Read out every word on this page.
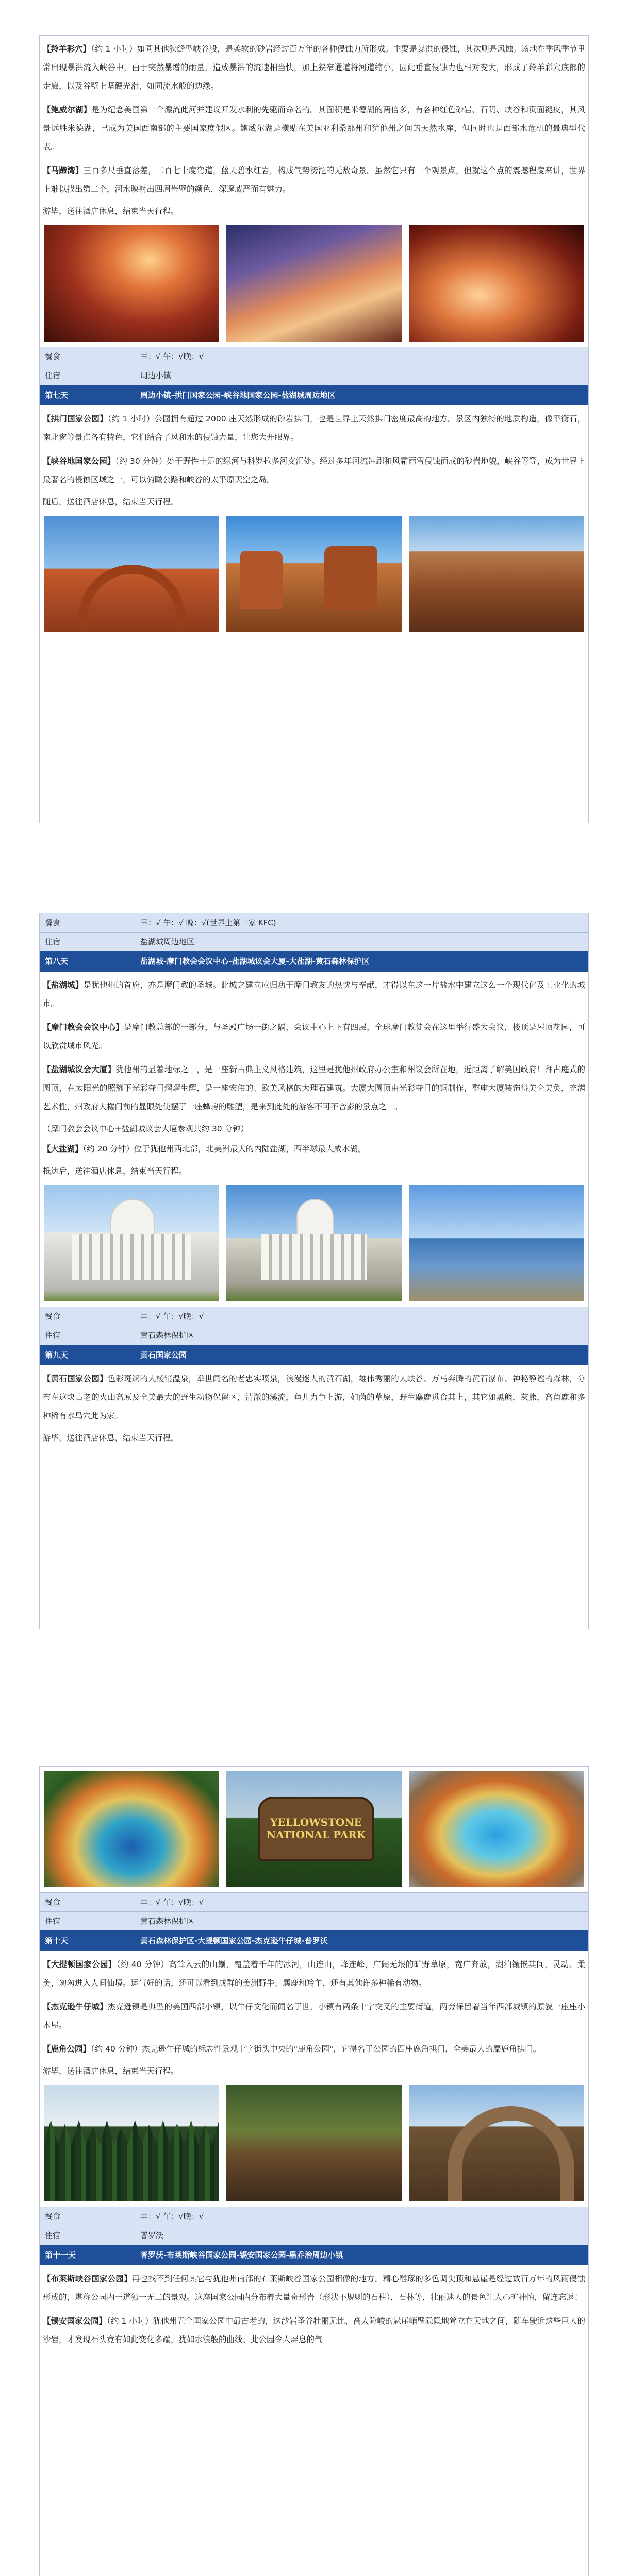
【羚羊彩穴】（约 1 小时）如同其他狭缝型峡谷般，是柔软的砂岩经过百万年的各种侵蚀力所形成。主要是暴洪的侵蚀，其次则是风蚀。该地在季风季节里常出现暴洪流入峡谷中，由于突然暴增的雨量，造成暴洪的流速相当快，加上狭窄通道将河道缩小，因此垂直侵蚀力也相对变大，形成了羚羊彩穴底部的走廊，以及谷壁上坚硬光滑、如同流水般的边缘。

【鲍威尔湖】是为纪念美国第一个漂流此河并建议开发水利的先驱而命名的。其面积是米德湖的两倍多，有各种红色砂岩、石阴、峡谷和页面褪皮，其风景远胜米德湖，已成为美国西南部的主要国家度假区。鲍威尔湖是横贴在美国亚利桑那州和犹他州之间的天然水库，但同时也是西部水危机的最典型代表。

【马蹄湾】三百多尺垂直落差，二百七十度弯道，蓝天碧水红岩，构成气势滂沱的无敌奇景。虽然它只有一个观景点，但就这个点的震撼程度来讲，世界上难以找出第二个，河水映射出四周岩壁的颜色，深邃威严而有魅力。

游毕，送往酒店休息，结束当天行程。

餐食	早：√ 午：√晚：√
住宿	周边小镇
第七天	周边小镇-拱门国家公园-峡谷地国家公园-盐湖城周边地区

【拱门国家公园】（约 1 小时）公园拥有超过 2000 座天然形成的砂岩拱门，也是世界上天然拱门密度最高的地方。景区内独特的地质构造，像平衡石，南北窗等景点各有特色，它们结合了风和水的侵蚀力量，让您大开眼界。

【峡谷地国家公园】（约 30 分钟）处于野性十足的绿河与科罗拉多河交汇处。经过多年河流冲刷和风霜雨雪侵蚀而成的砂岩地貌，峡谷等等，成为世界上最著名的侵蚀区域之一，可以俯瞰公路和峡谷的太平原天空之岛。

随后，送往酒店休息，结束当天行程。

餐食	早：√ 午：√ 晚：√(世界上第一家 KFC)
住宿	盐湖城周边地区
第八天	盐湖城-摩门教会会议中心-盐湖城议会大厦-大盐湖-黄石森林保护区

【盐湖城】是犹他州的首府，亦是摩门教的圣城。此城之建立应归功于摩门教友的热忱与奉献，才得以在这一片盐水中建立这么一个现代化及工业化的城市。

【摩门教会会议中心】是摩门教总部的一部分，与圣殿广场一街之隔，会议中心上下有四层，全球摩门教徒会在这里举行盛大会议，楼顶是屋顶花园，可以欣赏城市风光。

【盐湖城议会大厦】犹他州的显着地标之一，是一座新古典主义风格建筑，这里是犹他州政府办公室和州议会所在地，近距离了解美国政府！拜占庭式的圆顶，在太阳光的照耀下光彩夺目熠熠生辉，是一座宏伟的、欧美风格的大理石建筑。大厦大圆顶由光彩夺目的铜制作，整座大厦装饰得美仑美奂，充满艺术性，州政府大楼门前的显眼处使摆了一座蜂房的雕塑，是来到此处的游客不可不合影的景点之一。

（摩门教会会议中心+盐湖城议会大厦参观共约 30 分钟）

【大盐湖】（约 20 分钟）位于犹他州西北部，北美洲最大的内陆盐湖，西半球最大咸水湖。

抵达后，送往酒店休息，结束当天行程。

餐食	早：√ 午：√晚：√
住宿	黄石森林保护区
第九天	黄石国家公园

【黄石国家公园】色彩斑斓的大棱镜温泉，举世闻名的老忠实喷泉，浪漫迷人的黄石湖，雄伟秀丽的大峡谷、万马奔腾的黄石瀑布、神秘静谧的森林，分布在这块古老的火山高原及全美最大的野生动物保留区，清澈的溪流，鱼儿力争上游，如茵的草原，野生麋鹿觅食其上，其它如黑熊，灰熊，高角鹿和多种稀有水鸟穴此为家。

游毕，送往酒店休息，结束当天行程。

YELLOWSTONE NATIONAL PARK
餐食	早：√ 午：√晚：√
住宿	黄石森林保护区
第十天	黄石森林保护区-大提顿国家公园-杰克逊牛仔城-普罗沃

【大提顿国家公园】（约 40 分钟）高耸入云的山巅，覆盖着千年的冰河，山连山，峰连峰，广阔无垠的旷野草原，宽广奔放，湖泊镶嵌其间，灵动、柔美，匆匆进入人间仙境。运气好的话，还可以看到成群的美洲野牛、麋鹿和羚羊，还有其他许多种稀有动物。

【杰克逊牛仔城】杰克逊镇是典型的美国西部小镇，以牛仔文化而闻名于世，小镇有两条十字交叉的主要街道，两旁保留着当年西部城镇的原貌一座座小木屋。

【鹿角公园】（约 40 分钟）杰克逊牛仔城的标志性景观十字街头中央的"鹿角公园"，它得名于公园的四座鹿角拱门，全美最大的麋鹿角拱门。

游毕，送往酒店休息，结束当天行程。

餐食	早：√ 午：√晚：√
住宿	普罗沃
第十一天	普罗沃-布莱斯峡谷国家公园-锡安国家公园-墨乔治周边小镇

【布莱斯峡谷国家公园】再也找不到任何其它与犹他州南部的布莱斯峡谷国家公园相像的地方。精心雕琢的多色调尖顶和悬崖是经过数百万年的风雨侵蚀形成的，堪称公园内一道独一无二的景观。这座国家公园内分布着大量奇形岩（形状不规则的石柱），石林等，壮丽迷人的景色让人心旷神怡，留连忘返！

【锡安国家公园】（约 1 小时）犹他州五个国家公园中最古老的，这沙岩圣谷壮丽无比，高大险峻的悬崖峭壁隐隐地耸立在天地之间，随车驶近这些巨大的沙岩，才发现石头竟有如此变化多端，犹如水浪般的曲线。此公园令人屏息的气
